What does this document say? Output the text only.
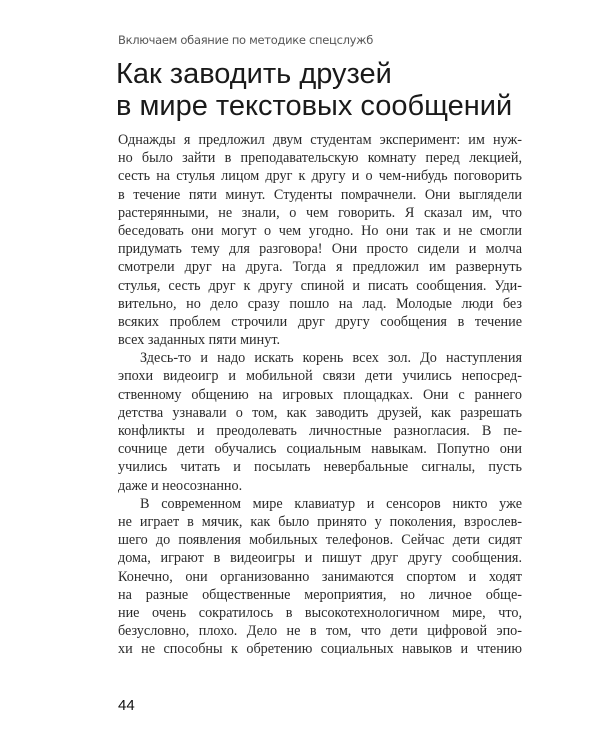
Включаем обаяние по методике спецслужб
Как заводить друзей
в мире текстовых сообщений
Однажды я предложил двум студентам эксперимент: им нуж-
но было зайти в преподавательскую комнату перед лекцией,
сесть на стулья лицом друг к другу и о чем-нибудь поговорить
в течение пяти минут. Студенты помрачнели. Они выглядели
растерянными, не знали, о чем говорить. Я сказал им, что
беседовать они могут о чем угодно. Но они так и не смогли
придумать тему для разговора! Они просто сидели и молча
смотрели друг на друга. Тогда я предложил им развернуть
стулья, сесть друг к другу спиной и писать сообщения. Уди-
вительно, но дело сразу пошло на лад. Молодые люди без
всяких проблем строчили друг другу сообщения в течение
всех заданных пяти минут.
Здесь-то и надо искать корень всех зол. До наступления
эпохи видеоигр и мобильной связи дети учились непосред-
ственному общению на игровых площадках. Они с раннего
детства узнавали о том, как заводить друзей, как разрешать
конфликты и преодолевать личностные разногласия. В пе-
сочнице дети обучались социальным навыкам. Попутно они
учились читать и посылать невербальные сигналы, пусть
даже и неосознанно.
В современном мире клавиатур и сенсоров никто уже
не играет в мячик, как было принято у поколения, взрослев-
шего до появления мобильных телефонов. Сейчас дети сидят
дома, играют в видеоигры и пишут друг другу сообщения.
Конечно, они организованно занимаются спортом и ходят
на разные общественные мероприятия, но личное обще-
ние очень сократилось в высокотехнологичном мире, что,
безусловно, плохо. Дело не в том, что дети цифровой эпо-
хи не способны к обретению социальных навыков и чтению
44
